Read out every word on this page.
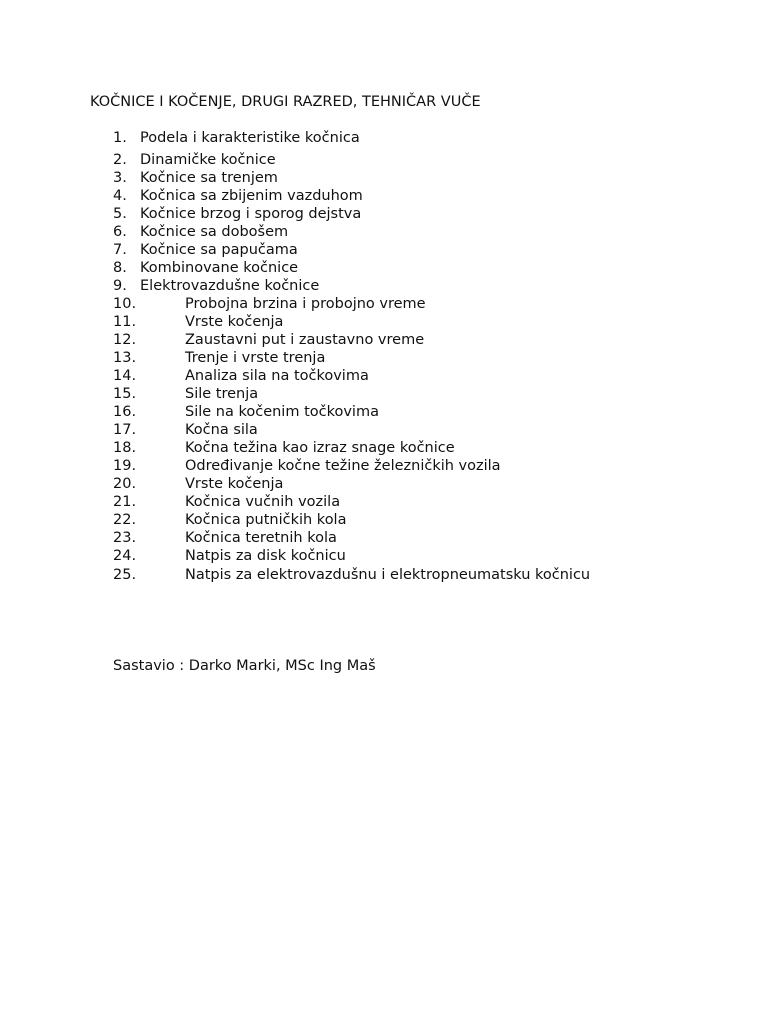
KOČNICE I KOČENJE, DRUGI RAZRED, TEHNIČAR VUČE
1. Podela i karakteristike kočnica
2. Dinamičke kočnice
3. Kočnice sa trenjem
4. Kočnica sa zbijenim vazduhom
5. Kočnice brzog i sporog dejstva
6. Kočnice sa dobošem
7. Kočnice sa papučama
8. Kombinovane kočnice
9. Elektrovazdušne kočnice
10.	Probojna brzina i probojno vreme
11.	Vrste kočenja
12.	Zaustavni put i zaustavno vreme
13.	Trenje i vrste trenja
14.	Analiza sila na točkovima
15.	Sile trenja
16.	Sile na kočenim točkovima
17.	Kočna sila
18.	Kočna težina kao izraz snage kočnice
19.	Određivanje kočne težine železničkih vozila
20.	Vrste kočenja
21.	Kočnica vučnih vozila
22.	Kočnica putničkih kola
23.	Kočnica teretnih kola
24.	Natpis za disk kočnicu
25.	Natpis za elektrovazdušnu i elektropneumatsku kočnicu
Sastavio : Darko Marki, MSc Ing Maš
